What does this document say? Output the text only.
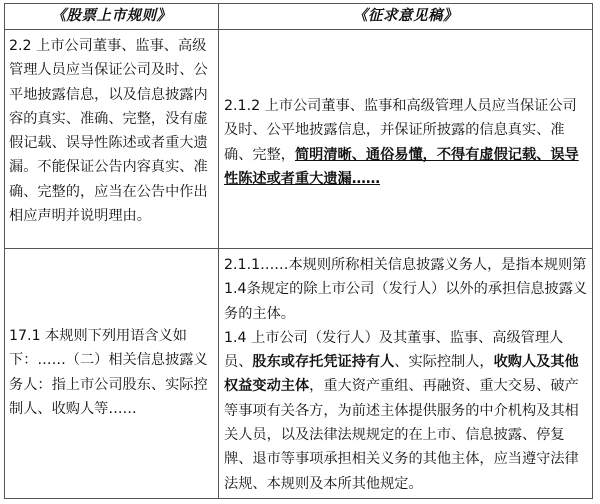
《股票上市规则》	《征求意见稿》

2.2 上市公司董事、监事、高级管理人员应当保证公司及时、公平地披露信息，以及信息披露内容的真实、准确、完整，没有虚假记载、误导性陈述或者重大遗漏。不能保证公告内容真实、准确、完整的，应当在公告中作出相应声明并说明理由。

2.1.2 上市公司董事、监事和高级管理人员应当保证公司及时、公平地披露信息，并保证所披露的信息真实、准确、完整，简明清晰、通俗易懂，不得有虚假记载、误导性陈述或者重大遗漏……

17.1 本规则下列用语含义如下：……（二）相关信息披露义务人：指上市公司股东、实际控制人、收购人等……

2.1.1……本规则所称相关信息披露义务人，是指本规则第1.4条规定的除上市公司（发行人）以外的承担信息披露义务的主体。

1.4 上市公司（发行人）及其董事、监事、高级管理人员、股东或存托凭证持有人、实际控制人，收购人及其他权益变动主体，重大资产重组、再融资、重大交易、破产等事项有关各方，为前述主体提供服务的中介机构及其相关人员，以及法律法规规定的在上市、信息披露、停复牌、退市等事项承担相关义务的其他主体，应当遵守法律法规、本规则及本所其他规定。
